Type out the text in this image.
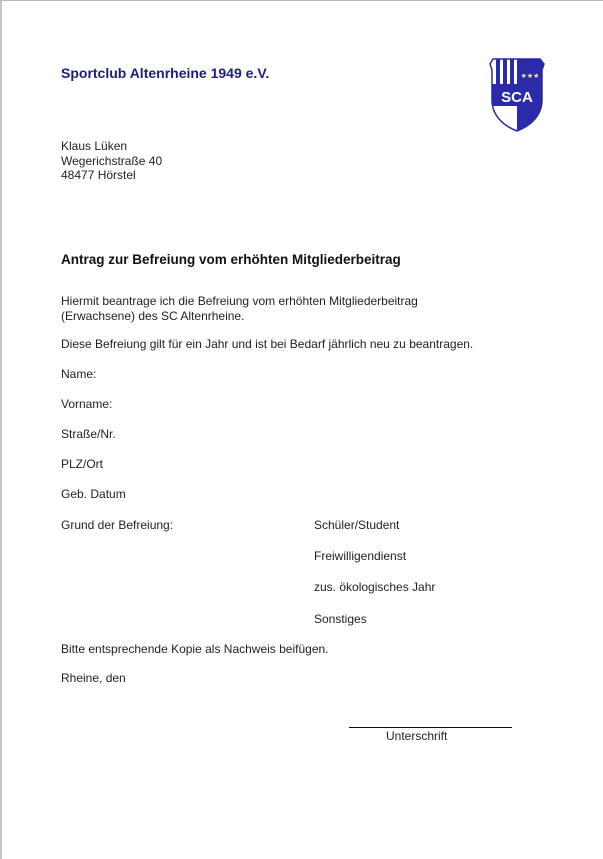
Sportclub Altenrheine 1949 e.V.	★★★
SCA
Klaus Lüken
Wegerichstraße 40
48477 Hörstel
Antrag zur Befreiung vom erhöhten Mitgliederbeitrag
Hiermit beantrage ich die Befreiung vom erhöhten Mitgliederbeitrag
(Erwachsene) des SC Altenrheine.
Diese Befreiung gilt für ein Jahr und ist bei Bedarf jährlich neu zu beantragen.
Name:
Vorname:
Straße/Nr.
PLZ/Ort
Geb. Datum
Grund der Befreiung:	Schüler/Student
Freiwilligendienst
zus. ökologisches Jahr
Sonstiges
Bitte entsprechende Kopie als Nachweis beifügen.
Rheine, den
Unterschrift
